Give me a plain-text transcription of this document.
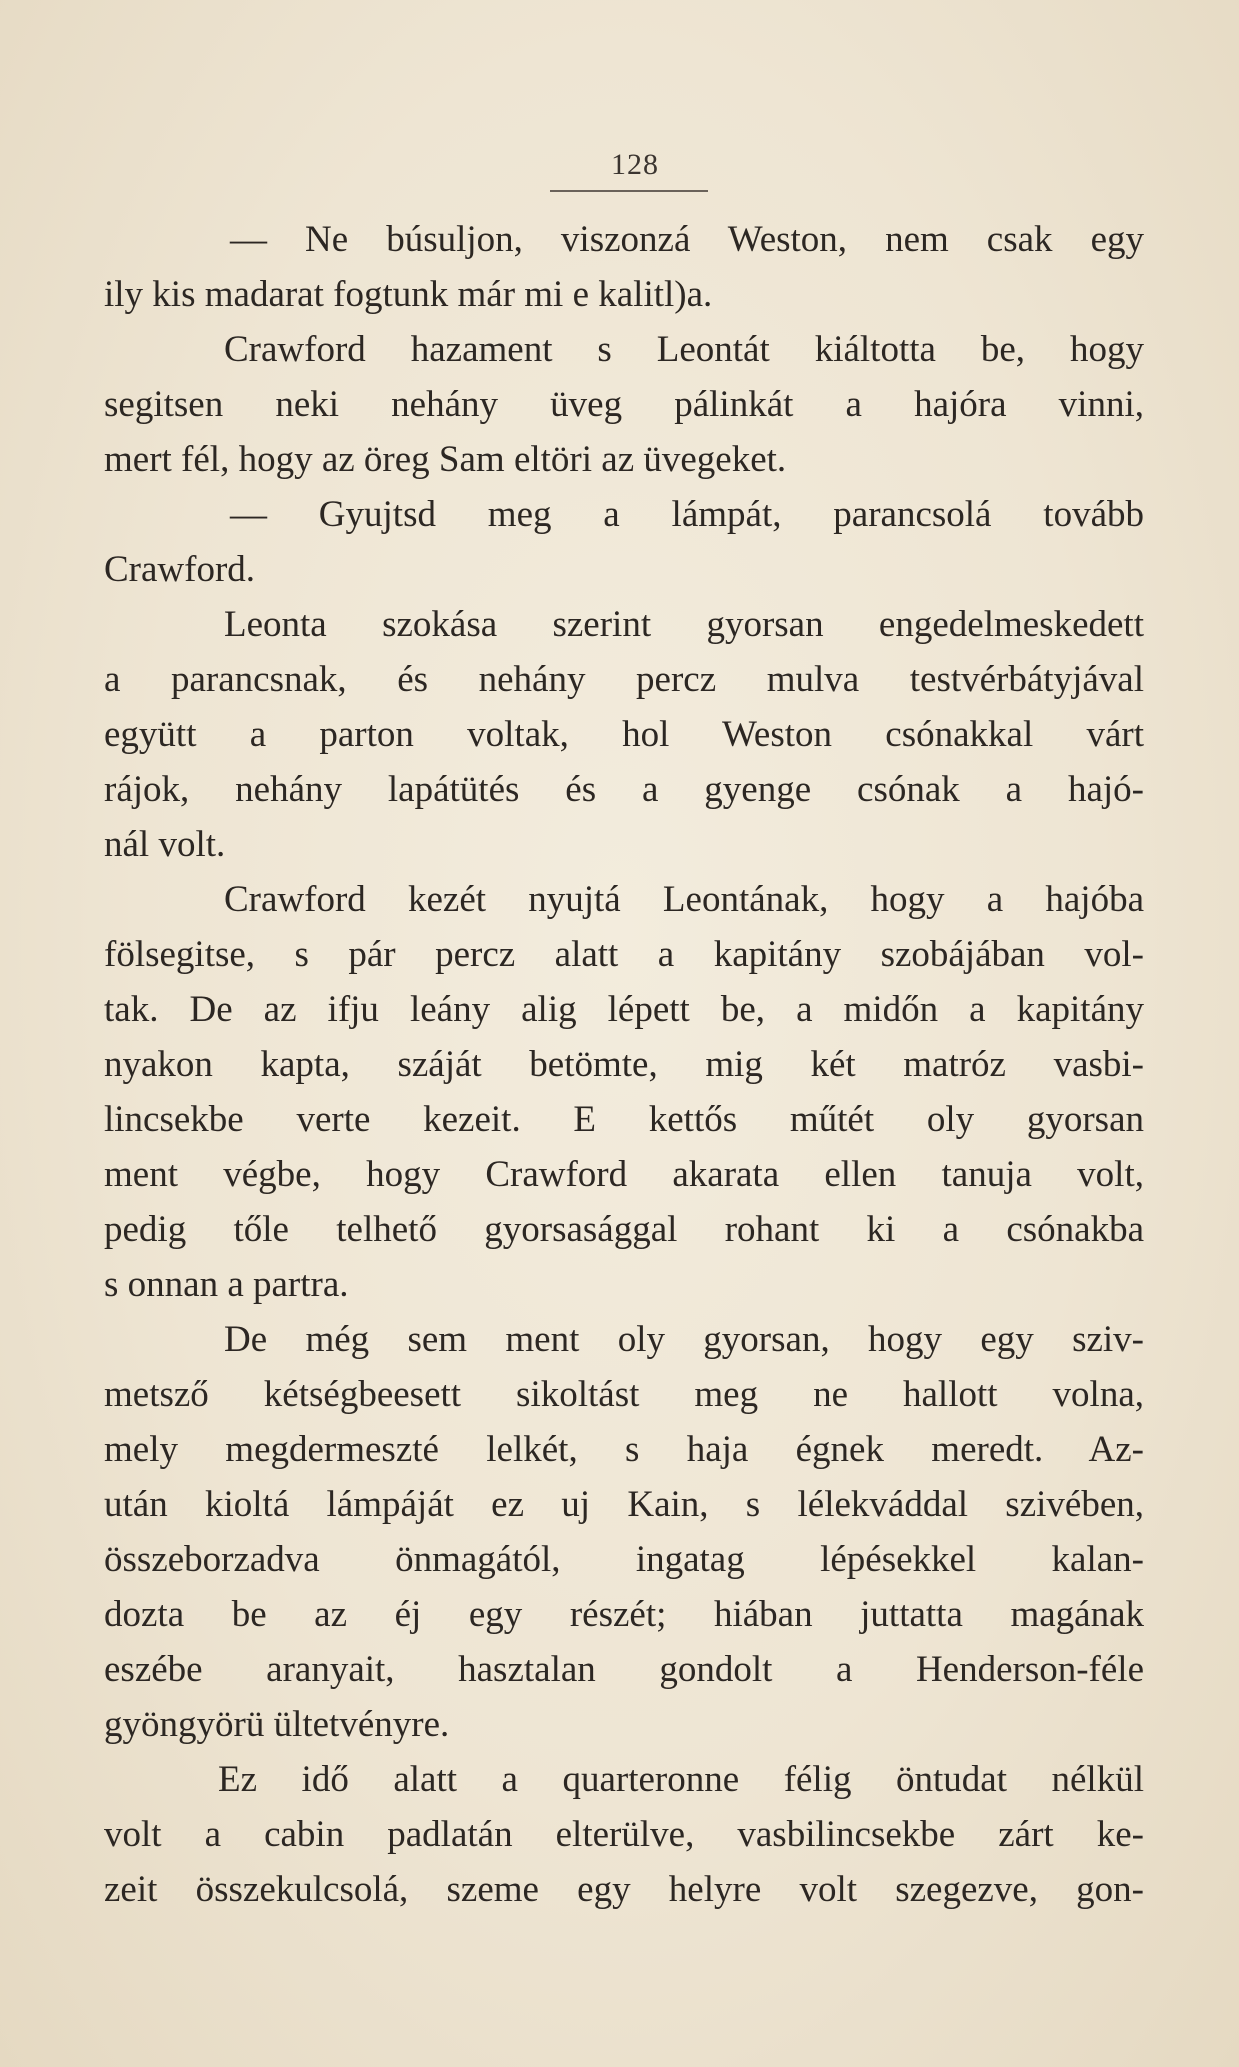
128
— Ne búsuljon, viszonzá Weston, nem csak egy
ily kis madarat fogtunk már mi e kalitl)a.
Crawford hazament s Leontát kiáltotta be, hogy
segitsen neki nehány üveg pálinkát a hajóra vinni,
mert fél, hogy az öreg Sam eltöri az üvegeket.
— Gyujtsd meg a lámpát, parancsolá tovább
Crawford.
Leonta szokása szerint gyorsan engedelmeskedett
a parancsnak, és nehány percz mulva testvérbátyjával
együtt a parton voltak, hol Weston csónakkal várt
rájok, nehány lapátütés és a gyenge csónak a hajó-
nál volt.
Crawford kezét nyujtá Leontának, hogy a hajóba
fölsegitse, s pár percz alatt a kapitány szobájában vol-
tak. De az ifju leány alig lépett be, a midőn a kapitány
nyakon kapta, száját betömte, mig két matróz vasbi-
lincsekbe verte kezeit. E kettős műtét oly gyorsan
ment végbe, hogy Crawford akarata ellen tanuja volt,
pedig tőle telhető gyorsasággal rohant ki a csónakba
s onnan a partra.
De még sem ment oly gyorsan, hogy egy sziv-
metsző kétségbeesett sikoltást meg ne hallott volna,
mely megdermeszté lelkét, s haja égnek meredt. Az-
után kioltá lámpáját ez uj Kain, s lélekváddal szivében,
összeborzadva önmagától, ingatag lépésekkel kalan-
dozta be az éj egy részét; hiában juttatta magának
eszébe aranyait, hasztalan gondolt a Henderson-féle
gyöngyörü ültetvényre.
Ez idő alatt a quarteronne félig öntudat nélkül
volt a cabin padlatán elterülve, vasbilincsekbe zárt ke-
zeit összekulcsolá, szeme egy helyre volt szegezve, gon-
